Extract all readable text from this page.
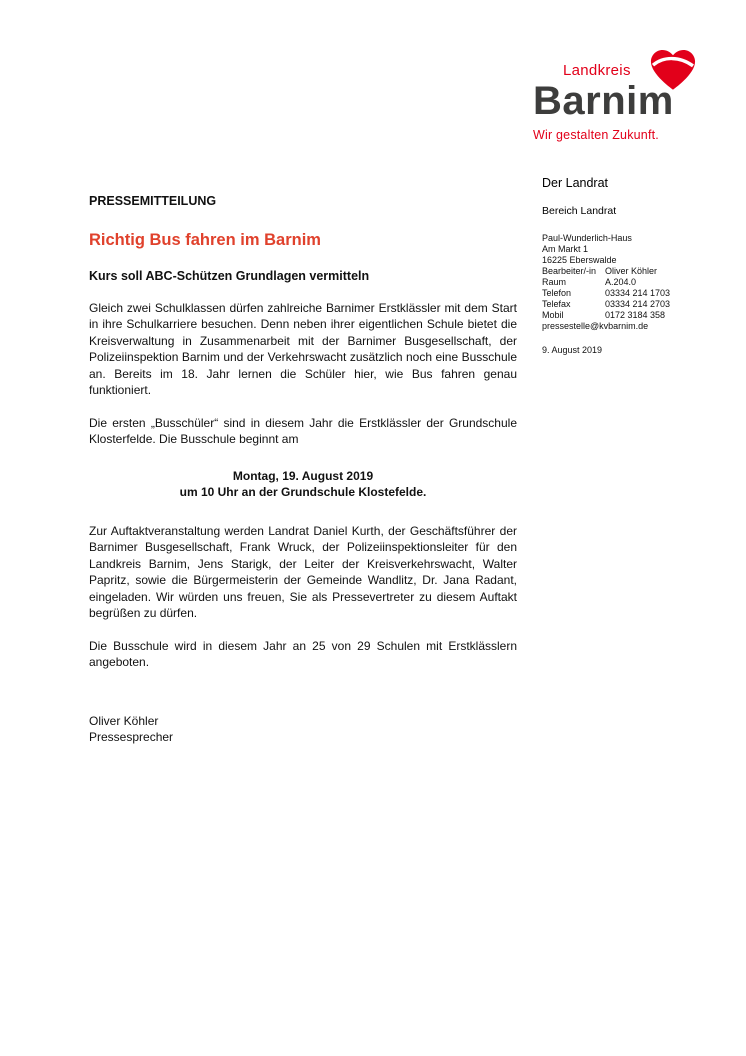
Landkreis
Barnim
Wir gestalten Zukunft.
Der Landrat
Bereich Landrat
Paul-Wunderlich-Haus
Am Markt 1
16225 Eberswalde
Bearbeiter/-in Oliver Köhler
Raum	A.204.0
Telefon	03334 214 1703
Telefax	03334 214 2703
Mobil	0172 3184 358
pressestelle@kvbarnim.de
9. August 2019
PRESSEMITTEILUNG
Richtig Bus fahren im Barnim
Kurs soll ABC-Schützen Grundlagen vermitteln

Gleich zwei Schulklassen dürfen zahlreiche Barnimer Erstklässler mit dem Start in ihre Schulkarriere besuchen. Denn neben ihrer eigentlichen Schule bietet die Kreisverwaltung in Zusammenarbeit mit der Barnimer Busgesellschaft, der Polizeiinspektion Barnim und der Verkehrswacht zusätzlich noch eine Busschule an. Bereits im 18. Jahr lernen die Schüler hier, wie Bus fahren genau funktioniert.

Die ersten „Busschüler“ sind in diesem Jahr die Erstklässler der Grundschule Klosterfelde. Die Busschule beginnt am

Montag, 19. August 2019
um 10 Uhr an der Grundschule Klostefelde.

Zur Auftaktveranstaltung werden Landrat Daniel Kurth, der Geschäftsführer der Barnimer Busgesellschaft, Frank Wruck, der Polizeiinspektionsleiter für den Landkreis Barnim, Jens Starigk, der Leiter der Kreisverkehrswacht, Walter Papritz, sowie die Bürgermeisterin der Gemeinde Wandlitz, Dr. Jana Radant, eingeladen. Wir würden uns freuen, Sie als Pressevertreter zu diesem Auftakt begrüßen zu dürfen.

Die Busschule wird in diesem Jahr an 25 von 29 Schulen mit Erstklässlern angeboten.

Oliver Köhler
Pressesprecher
